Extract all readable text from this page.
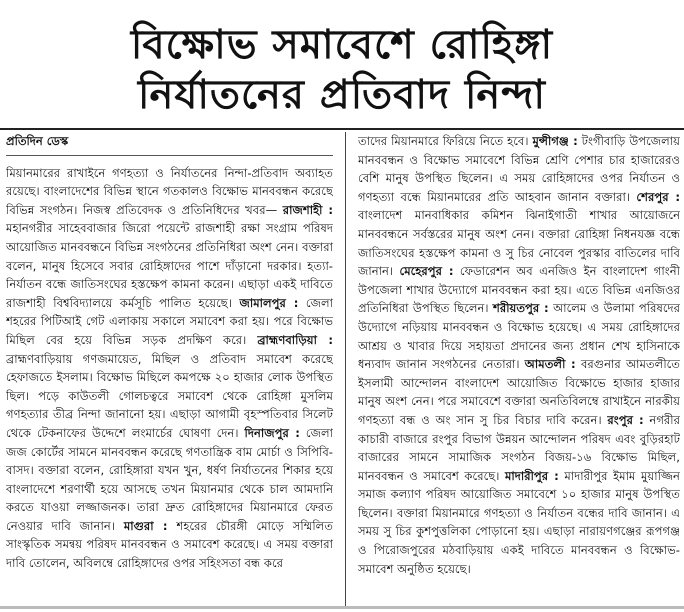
বিক্ষোভ সমাবেশে রোহিঙ্গা
নির্যাতনের প্রতিবাদ নিন্দা
প্রতিদিন ডেস্ক

মিয়ানমারের রাখাইনে গণহত্যা ও নির্যাতনের নিন্দা-প্রতিবাদ অব্যাহত রয়েছে। বাংলাদেশের বিভিন্ন স্থানে গতকালও বিক্ষোভ মানববন্ধন করেছে বিভিন্ন সংগঠন। নিজস্ব প্রতিবেদক ও প্রতিনিধিদের খবর— রাজশাহী : মহানগরীর সাহেববাজার জিরো পয়েন্টে রাজশাহী রক্ষা সংগ্রাম পরিষদ আয়োজিত মানববন্ধনে বিভিন্ন সংগঠনের প্রতিনিধিরা অংশ নেন। বক্তারা বলেন, মানুষ হিসেবে সবার রোহিঙ্গাদের পাশে দাঁড়ানো দরকার। হত্যা-নির্যাতন বন্ধে জাতিসংঘের হস্তক্ষেপ কামনা করেন। এছাড়া একই দাবিতে রাজশাহী বিশ্ববিদ্যালয়ে কর্মসূচি পালিত হয়েছে। জামালপুর : জেলা শহরের পিটিআই গেট এলাকায় সকালে সমাবেশ করা হয়। পরে বিক্ষোভ মিছিল বের হয়ে বিভিন্ন সড়ক প্রদক্ষিণ করে। ব্রাহ্মণবাড়িয়া : ব্রাহ্মণবাড়িয়ায় গণজমায়েত, মিছিল ও প্রতিবাদ সমাবেশ করেছে হেফাজতে ইসলাম। বিক্ষোভ মিছিলে কমপক্ষে ২০ হাজার লোক উপস্থিত ছিল। পড়ে কাউতলী গোলচত্বরে সমাবেশ থেকে রোহিঙ্গা মুসলিম গণহত্যার তীব্র নিন্দা জানানো হয়। এছাড়া আগামী বৃহস্পতিবার সিলেট থেকে টেকনাফের উদ্দেশে লংমার্চের ঘোষণা দেন। দিনাজপুর : জেলা জজ কোর্টের সামনে মানববন্ধন করেছে গণতান্ত্রিক বাম মোর্চা ও সিপিবি-বাসদ। বক্তারা বলেন, রোহিঙ্গারা যখন খুন, ধর্ষণ নির্যাতনের শিকার হয়ে বাংলাদেশে শরণার্থী হয়ে আসছে তখন মিয়ানমার থেকে চাল আমদানি করতে যাওয়া লজ্জাজনক। তারা দ্রুত রোহিঙ্গাদের মিয়ানমারে ফেরত নেওয়ার দাবি জানান। মাগুরা : শহরের চৌরঙ্গী মোড়ে সম্মিলিত সাংস্কৃতিক সমন্বয় পরিষদ মানববন্ধন ও সমাবেশ করেছে। এ সময় বক্তারা দাবি তোলেন, অবিলম্বে রোহিঙ্গাদের ওপর সহিংসতা বন্ধ করে

তাদের মিয়ানমারে ফিরিয়ে নিতে হবে। মুন্সীগঞ্জ : টংগীবাড়ি উপজেলায় মানববন্ধন ও বিক্ষোভ সমাবেশে বিভিন্ন শ্রেণি পেশার চার হাজারেরও বেশি মানুষ উপস্থিত ছিলেন। এ সময় রোহিঙ্গাদের ওপর নির্যাতন ও গণহত্যা বন্ধে মিয়ানমারের প্রতি আহবান জানান বক্তারা। শেরপুর : বাংলাদেশ মানবাধিকার কমিশন ঝিনাইগাতী শাখার আয়োজনে মানববন্ধনে সর্বস্তরের মানুষ অংশ নেন। বক্তারা রোহিঙ্গা নিধনযজ্ঞ বন্ধে জাতিসংঘের হস্তক্ষেপ কামনা ও সু চির নোবেল পুরস্কার বাতিলের দাবি জানান। মেহেরপুর : ফেডারেশন অব এনজিও ইন বাংলাদেশ গাংনী উপজেলা শাখার উদ্যোগে মানববন্ধন করা হয়। এতে বিভিন্ন এনজিওর প্রতিনিধিরা উপস্থিত ছিলেন। শরীয়তপুর : আলেম ও উলামা পরিষদের উদ্যোগে নড়িয়ায় মানববন্ধন ও বিক্ষোভ হয়েছে। এ সময় রোহিঙ্গাদের আশ্রয় ও খাবার দিয়ে সহায়তা প্রদানের জন্য প্রধান শেখ হাসিনাকে ধন্যবাদ জানান সংগঠনের নেতারা। আমতলী : বরগুনার আমতলীতে ইসলামী আন্দোলন বাংলাদেশ আয়োজিত বিক্ষোভে হাজার হাজার মানুষ অংশ নেন। পরে সমাবেশে বক্তারা অনতিবিলম্বে রাখাইনে নারকীয় গণহত্যা বন্ধ ও অং সান সু চির বিচার দাবি করেন। রংপুর : নগরীর কাচারী বাজারে রংপুর বিভাগ উন্নয়ন আন্দোলন পরিষদ এবং বুড়িরহাট বাজারের সামনে সামাজিক সংগঠন বিজয়-১৬ বিক্ষোভ মিছিল, মানববন্ধন ও সমাবেশ করেছে। মাদারীপুর : মাদারীপুর ইমাম মুয়াজ্জিন সমাজ কল্যাণ পরিষদ আয়োজিত সমাবেশে ১০ হাজার মানুষ উপস্থিত ছিলেন। বক্তারা মিয়ানমারে গণহত্যা ও নির্যাতন বন্ধের দাবি জানান। এ সময় সু চির কুশপুত্তলিকা পোড়ানো হয়। এছাড়া নারায়ণগঞ্জের রূপগঞ্জ ও পিরোজপুরের মঠবাড়িয়ায় একই দাবিতে মানববন্ধন ও বিক্ষোভ-সমাবেশ অনুষ্ঠিত হয়েছে।
